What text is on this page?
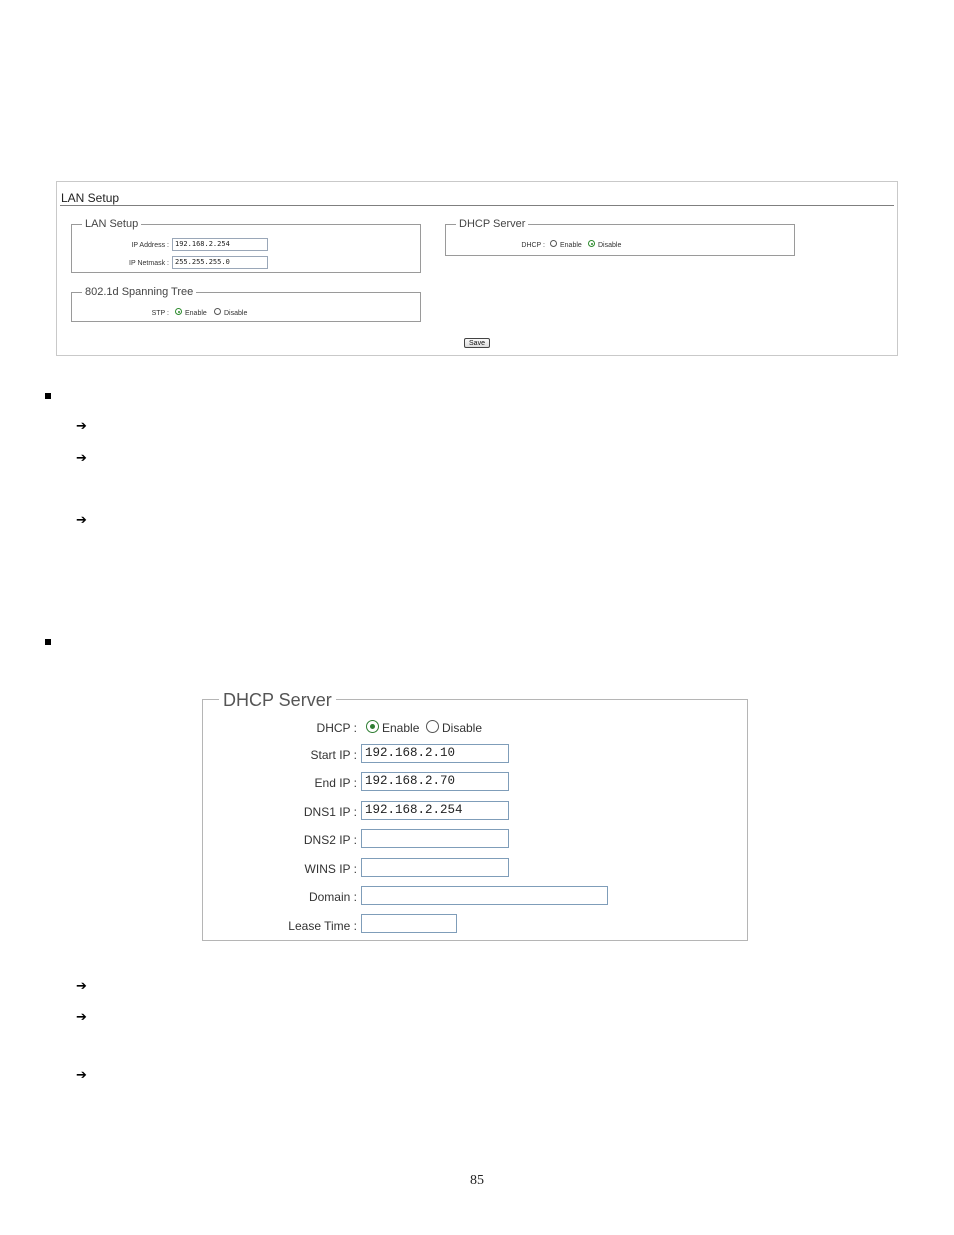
LAN Setup
LAN Setup
IP Address : 192.168.2.254
IP Netmask : 255.255.255.0
DHCP Server
DHCP : Enable Disable
802.1d Spanning Tree
STP : Enable Disable
Save
➔
➔
➔
DHCP Server
DHCP : Enable Disable
Start IP : 192.168.2.10
End IP : 192.168.2.70
DNS1 IP : 192.168.2.254
DNS2 IP :
WINS IP :
Domain :
Lease Time :
➔
➔
➔
85
